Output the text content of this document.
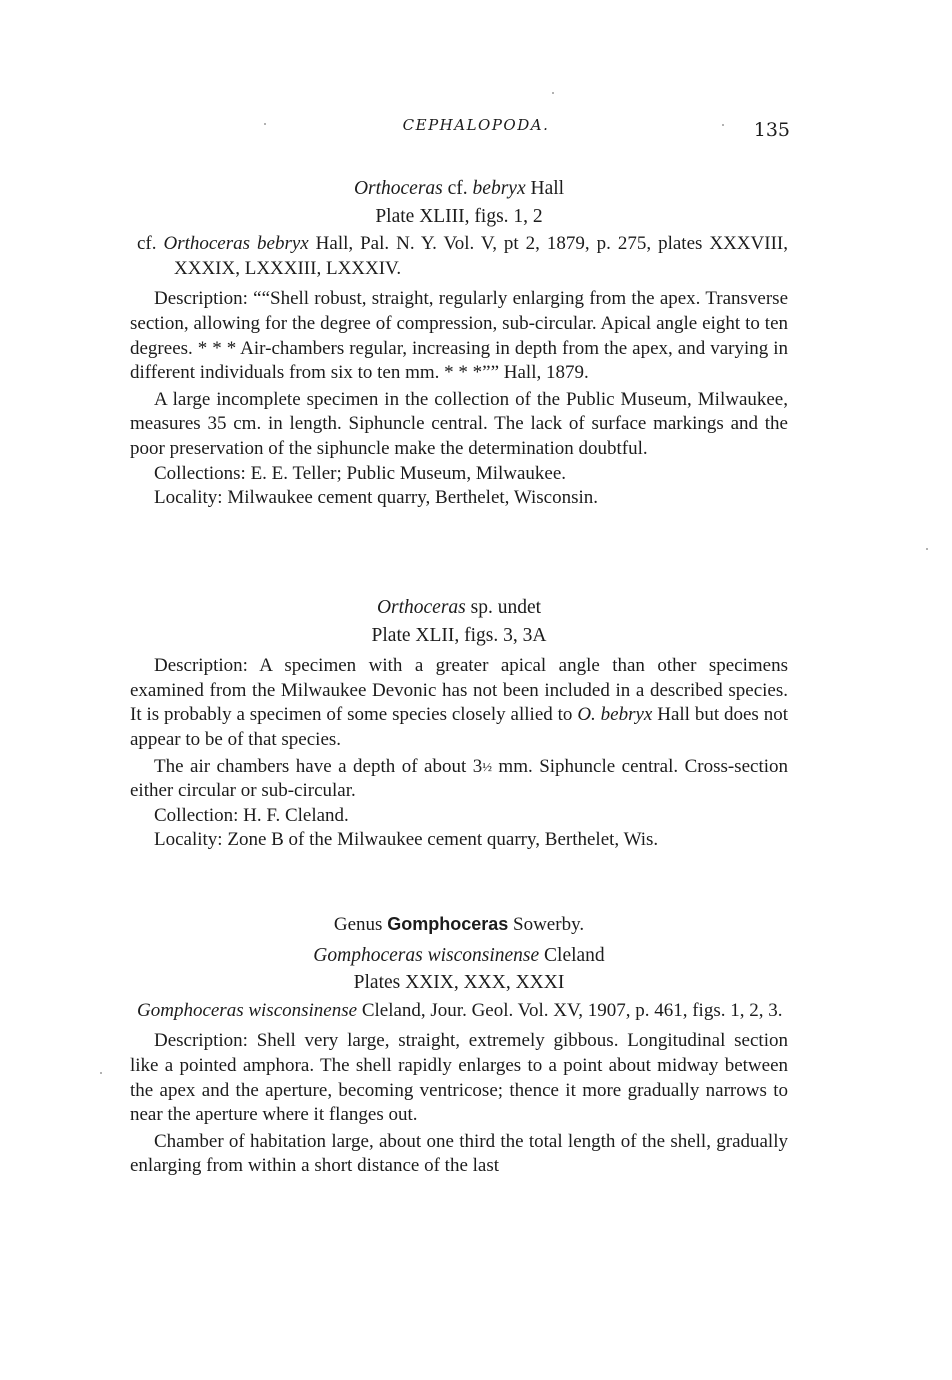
CEPHALOPODA.	135

Orthoceras cf. bebryx Hall

Plate XLIII, figs. 1, 2

cf. Orthoceras bebryx Hall, Pal. N. Y. Vol. V, pt 2, 1879, p. 275, plates XXXVIII, XXXIX, LXXXIII, LXXXIV.

Description: ““Shell robust, straight, regularly enlarging from the apex. Transverse section, allowing for the degree of compression, sub-circular. Apical angle eight to ten degrees. * * * Air-chambers regular, increasing in depth from the apex, and varying in different individuals from six to ten mm. * * *”” Hall, 1879.

A large incomplete specimen in the collection of the Public Museum, Milwaukee, measures 35 cm. in length. Siphuncle central. The lack of surface markings and the poor preservation of the siphuncle make the determination doubtful.

Collections: E. E. Teller; Public Museum, Milwaukee.

Locality: Milwaukee cement quarry, Berthelet, Wisconsin.

Orthoceras sp. undet

Plate XLII, figs. 3, 3A

Description: A specimen with a greater apical angle than other specimens examined from the Milwaukee Devonic has not been included in a described species. It is probably a specimen of some species closely allied to O. bebryx Hall but does not appear to be of that species.

The air chambers have a depth of about 3½ mm. Siphuncle central. Cross-section either circular or sub-circular.

Collection: H. F. Cleland.

Locality: Zone B of the Milwaukee cement quarry, Berthelet, Wis.

Genus Gomphoceras Sowerby.

Gomphoceras wisconsinense Cleland

Plates XXIX, XXX, XXXI

Gomphoceras wisconsinense Cleland, Jour. Geol. Vol. XV, 1907, p. 461, figs. 1, 2, 3.

Description: Shell very large, straight, extremely gibbous. Longitudinal section like a pointed amphora. The shell rapidly enlarges to a point about midway between the apex and the aperture, becoming ventricose; thence it more gradually narrows to near the aperture where it flanges out.

Chamber of habitation large, about one third the total length of the shell, gradually enlarging from within a short distance of the last
